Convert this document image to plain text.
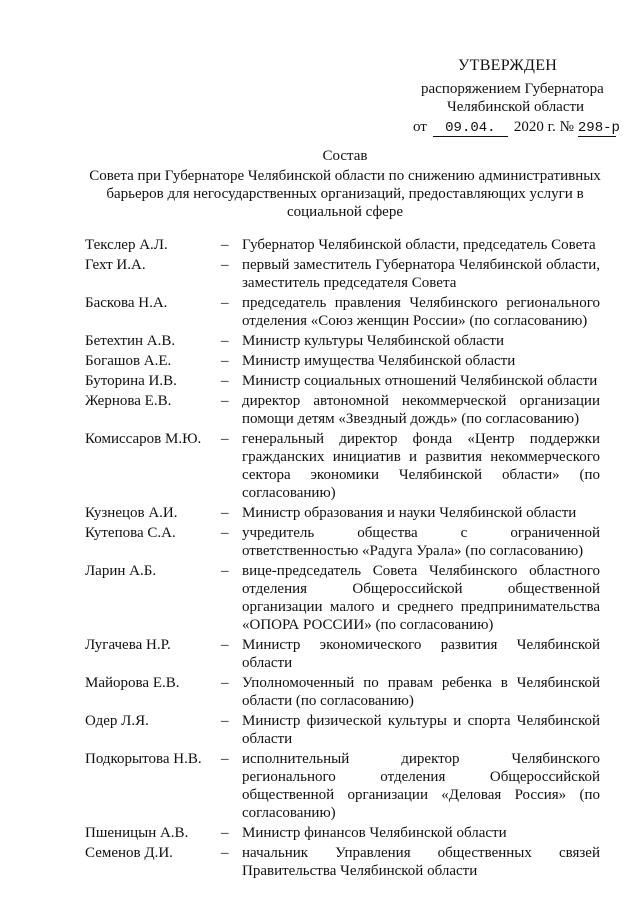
УТВЕРЖДЕН
распоряжением Губернатора
Челябинской области
от 09.04. 2020 г. № 298-р
Состав
Совета при Губернаторе Челябинской области по снижению административных барьеров для негосударственных организаций, предоставляющих услуги в социальной сфере
Текслер А.Л.	– Губернатор Челябинской области, председатель Совета
Гехт И.А.	– первый заместитель Губернатора Челябинской области, заместитель председателя Совета
Баскова Н.А.	– председатель правления Челябинского регионального отделения «Союз женщин России» (по согласованию)
Бетехтин А.В.	– Министр культуры Челябинской области
Богашов А.Е.	– Министр имущества Челябинской области
Буторина И.В.	– Министр социальных отношений Челябинской области
Жернова Е.В.	– директор автономной некоммерческой организации помощи детям «Звездный дождь» (по согласованию)
Комиссаров М.Ю.	– генеральный директор фонда «Центр поддержки гражданских инициатив и развития некоммерческого сектора экономики Челябинской области» (по согласованию)
Кузнецов А.И.	– Министр образования и науки Челябинской области
Кутепова С.А.	– учредитель общества с ограниченной ответственностью «Радуга Урала» (по согласованию)
Ларин А.Б.	– вице-председатель Совета Челябинского областного отделения Общероссийской общественной организации малого и среднего предпринимательства «ОПОРА РОССИИ» (по согласованию)
Лугачева Н.Р.	– Министр экономического развития Челябинской области
Майорова Е.В.	– Уполномоченный по правам ребенка в Челябинской области (по согласованию)
Одер Л.Я.	– Министр физической культуры и спорта Челябинской области
Подкорытова Н.В.	– исполнительный директор Челябинского регионального отделения Общероссийской общественной организации «Деловая Россия» (по согласованию)
Пшеницын А.В.	– Министр финансов Челябинской области
Семенов Д.И.	– начальник Управления общественных связей Правительства Челябинской области
